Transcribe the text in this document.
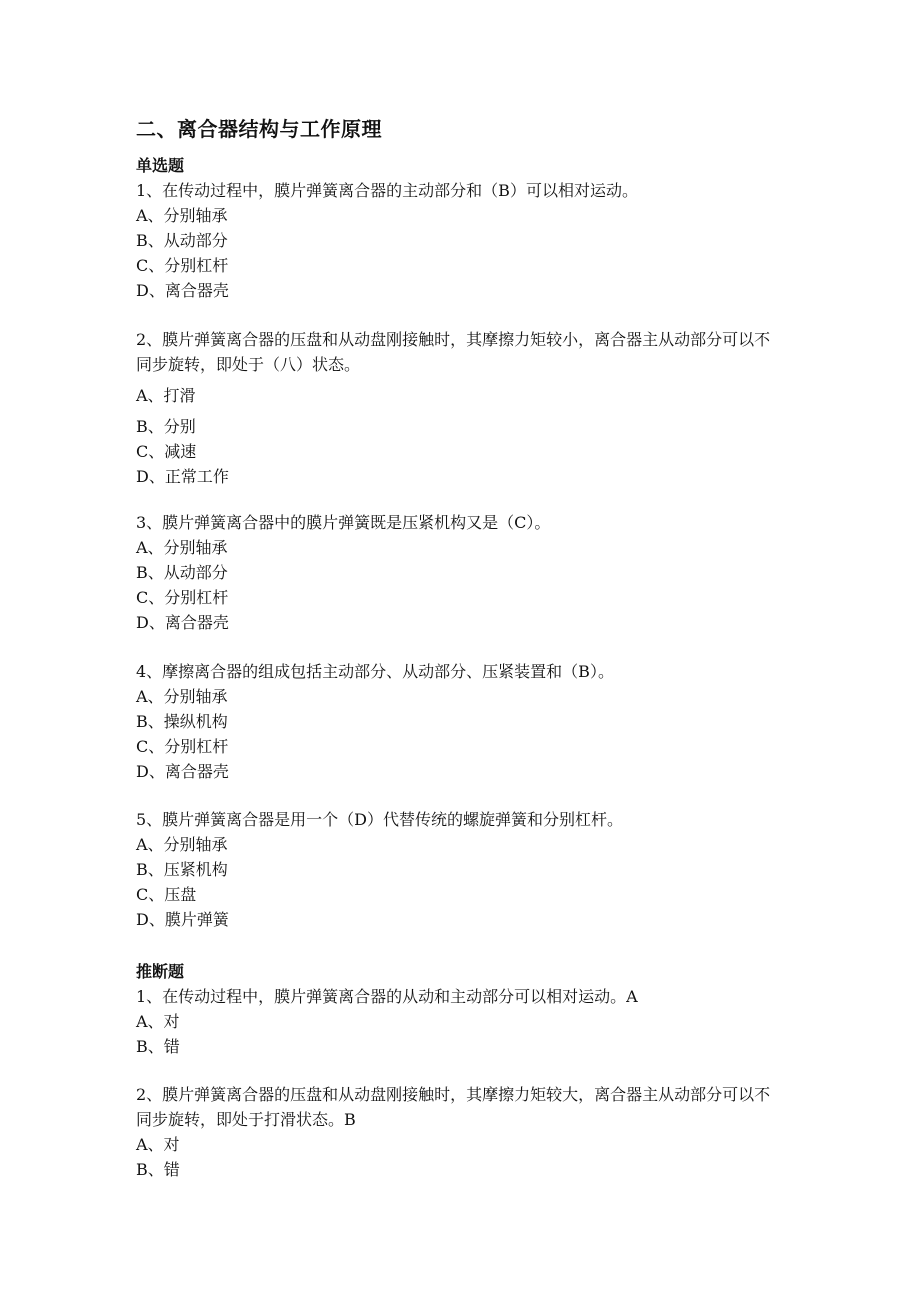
二、离合器结构与工作原理
单选题
1、在传动过程中，膜片弹簧离合器的主动部分和（B）可以相对运动。
A、分别轴承
B、从动部分
C、分别杠杆
D、离合器壳
2、膜片弹簧离合器的压盘和从动盘刚接触时，其摩擦力矩较小，离合器主从动部分可以不同步旋转，即处于（八）状态。
A、打滑
B、分别
C、减速
D、正常工作
3、膜片弹簧离合器中的膜片弹簧既是压紧机构又是（C）。
A、分别轴承
B、从动部分
C、分别杠杆
D、离合器壳
4、摩擦离合器的组成包括主动部分、从动部分、压紧装置和（B）。
A、分别轴承
B、操纵机构
C、分别杠杆
D、离合器壳
5、膜片弹簧离合器是用一个（D）代替传统的螺旋弹簧和分别杠杆。
A、分别轴承
B、压紧机构
C、压盘
D、膜片弹簧
推断题
1、在传动过程中，膜片弹簧离合器的从动和主动部分可以相对运动。A
A、对
B、错
2、膜片弹簧离合器的压盘和从动盘刚接触时，其摩擦力矩较大，离合器主从动部分可以不同步旋转，即处于打滑状态。B
A、对
B、错
